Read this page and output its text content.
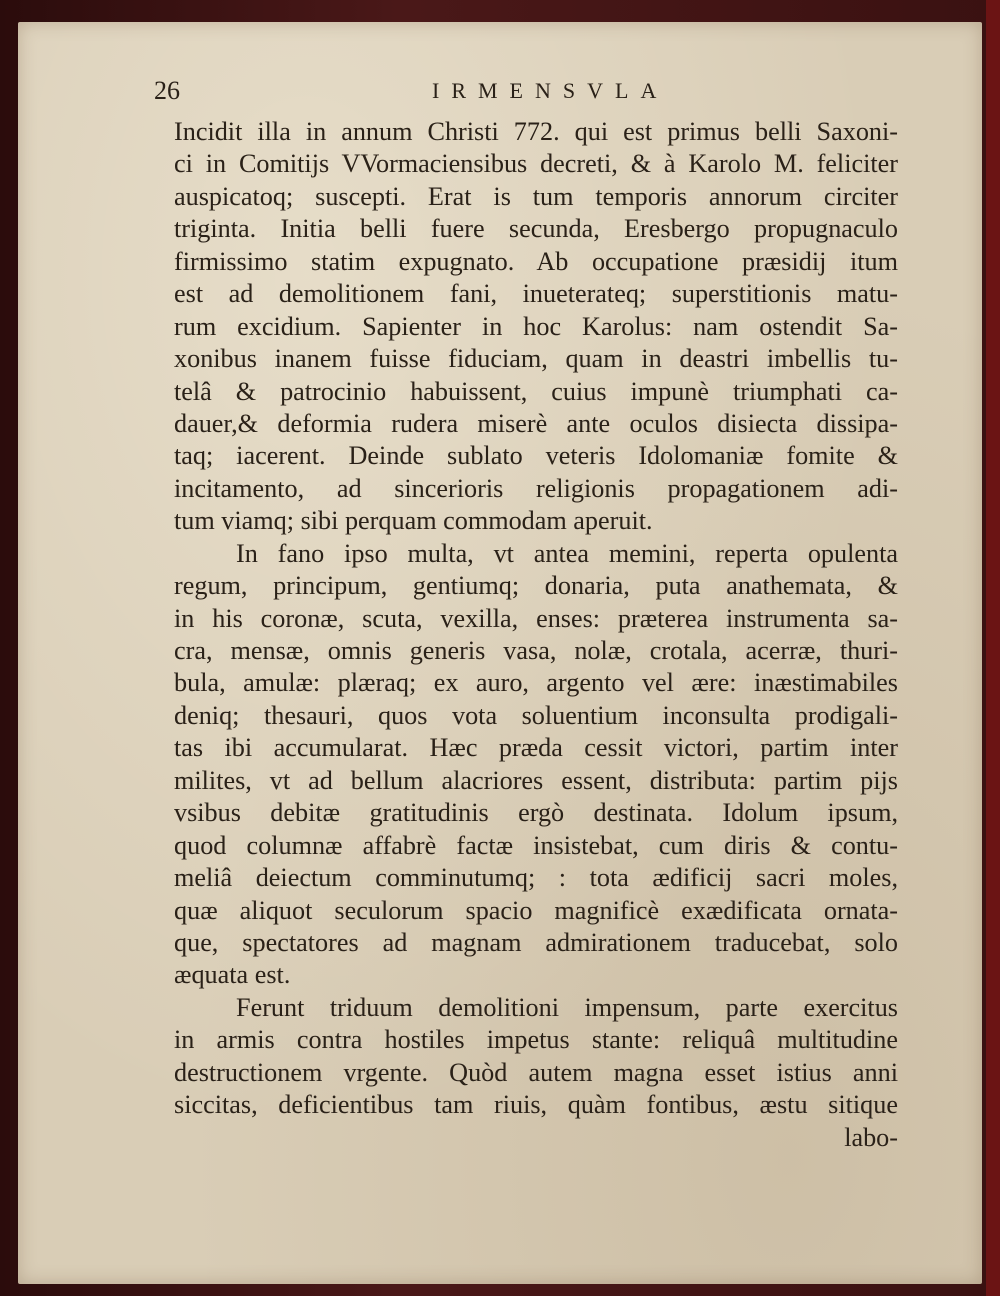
26	IRMENSVLA
Incidit illa in annum Christi 772. qui est primus belli Saxoni-
ci in Comitijs VVormaciensibus decreti, & à Karolo M. feliciter
auspicatoq; suscepti. Erat is tum temporis annorum circiter
triginta. Initia belli fuere secunda, Eresbergo propugnaculo
firmissimo statim expugnato. Ab occupatione præsidij itum
est ad demolitionem fani, inueterateq; superstitionis matu-
rum excidium. Sapienter in hoc Karolus: nam ostendit Sa-
xonibus inanem fuisse fiduciam, quam in deastri imbellis tu-
telâ & patrocinio habuissent, cuius impunè triumphati ca-
dauer,& deformia rudera miserè ante oculos disiecta dissipa-
taq; iacerent. Deinde sublato veteris Idolomaniæ fomite &
incitamento, ad sincerioris religionis propagationem adi-
tum viamq; sibi perquam commodam aperuit.
In fano ipso multa, vt antea memini, reperta opulenta
regum, principum, gentiumq; donaria, puta anathemata, &
in his coronæ, scuta, vexilla, enses: præterea instrumenta sa-
cra, mensæ, omnis generis vasa, nolæ, crotala, acerræ, thuri-
bula, amulæ: plæraq; ex auro, argento vel ære: inæstimabiles
deniq; thesauri, quos vota soluentium inconsulta prodigali-
tas ibi accumularat. Hæc præda cessit victori, partim inter
milites, vt ad bellum alacriores essent, distributa: partim pijs
vsibus debitæ gratitudinis ergò destinata. Idolum ipsum,
quod columnæ affabrè factæ insistebat, cum diris & contu-
meliâ deiectum comminutumq; : tota ædificij sacri moles,
quæ aliquot seculorum spacio magnificè exædificata ornata-
que, spectatores ad magnam admirationem traducebat, solo
æquata est.
Ferunt triduum demolitioni impensum, parte exercitus
in armis contra hostiles impetus stante: reliquâ multitudine
destructionem vrgente. Quòd autem magna esset istius anni
siccitas, deficientibus tam riuis, quàm fontibus, æstu sitique
labo-
